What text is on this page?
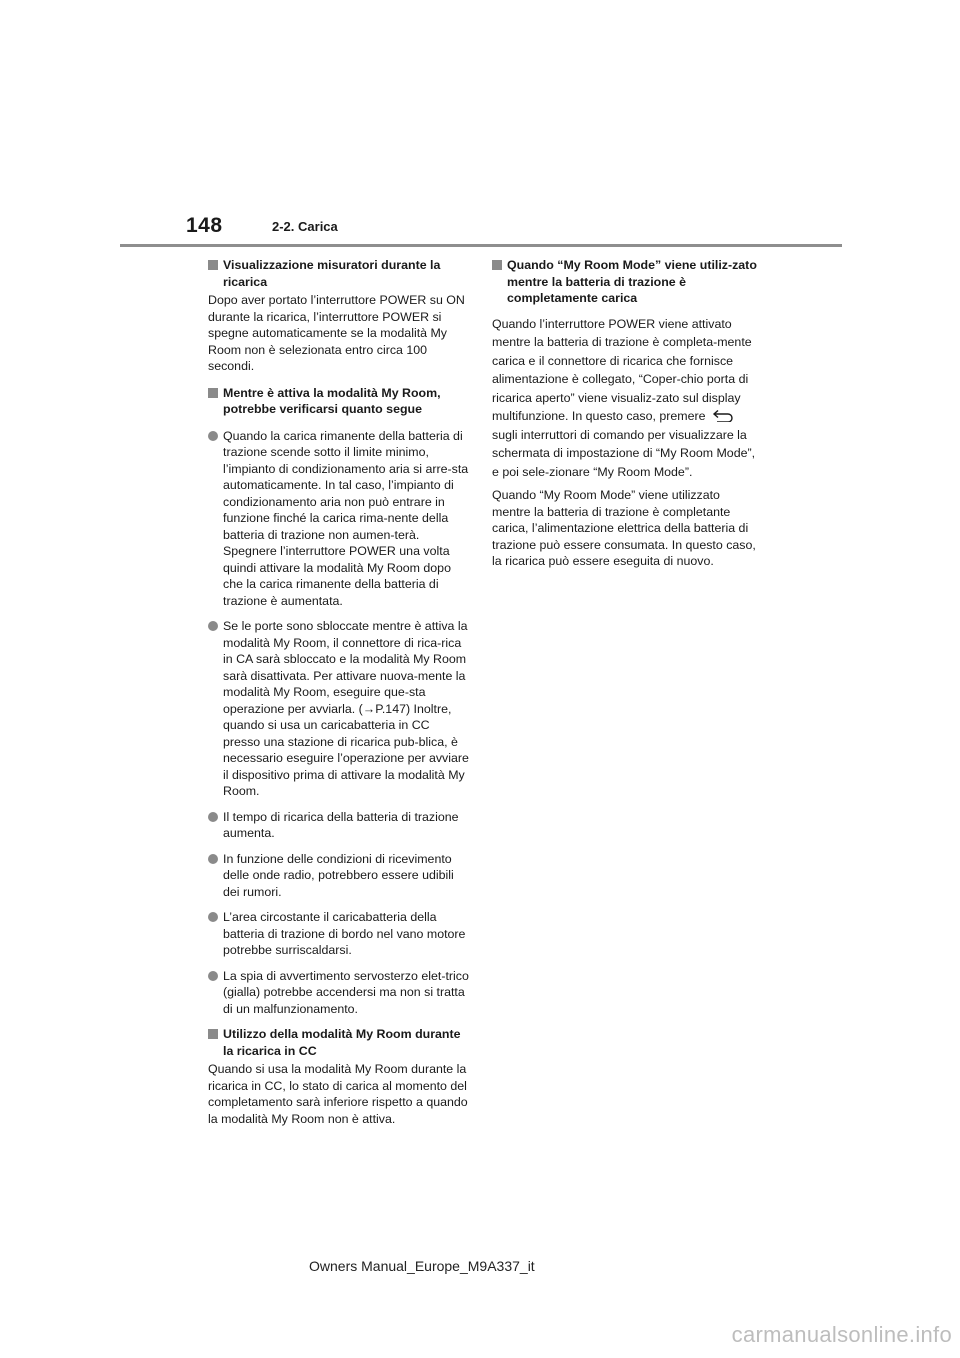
148	2-2. Carica
Visualizzazione misuratori durante la ricarica

Dopo aver portato l’interruttore POWER su ON durante la ricarica, l’interruttore POWER si spegne automaticamente se la modalità My Room non è selezionata entro circa 100 secondi.

Mentre è attiva la modalità My Room, potrebbe verificarsi quanto segue
Quando la carica rimanente della batteria di trazione scende sotto il limite minimo, l’impianto di condizionamento aria si arre-sta automaticamente. In tal caso, l’impianto di condizionamento aria non può entrare in funzione finché la carica rima-nente della batteria di trazione non aumen-terà. Spegnere l’interruttore POWER una volta quindi attivare la modalità My Room dopo che la carica rimanente della batteria di trazione è aumentata.
Se le porte sono sbloccate mentre è attiva la modalità My Room, il connettore di rica-rica in CA sarà sbloccato e la modalità My Room sarà disattivata. Per attivare nuova-mente la modalità My Room, eseguire que-sta operazione per avviarla. (→P.147) Inoltre, quando si usa un caricabatteria in CC presso una stazione di ricarica pub-blica, è necessario eseguire l’operazione per avviare il dispositivo prima di attivare la modalità My Room.
Il tempo di ricarica della batteria di trazione aumenta.
In funzione delle condizioni di ricevimento delle onde radio, potrebbero essere udibili dei rumori.
L’area circostante il caricabatteria della batteria di trazione di bordo nel vano motore potrebbe surriscaldarsi.
La spia di avvertimento servosterzo elet-trico (gialla) potrebbe accendersi ma non si tratta di un malfunzionamento.
Utilizzo della modalità My Room durante la ricarica in CC

Quando si usa la modalità My Room durante la ricarica in CC, lo stato di carica al momento del completamento sarà inferiore rispetto a quando la modalità My Room non è attiva.

Quando “My Room Mode” viene utiliz-zato mentre la batteria di trazione è completamente carica

Quando l’interruttore POWER viene attivato mentre la batteria di trazione è completa-mente carica e il connettore di ricarica che fornisce alimentazione è collegato, “Coper-chio porta di ricarica aperto” viene visualiz-zato sul display multifunzione. In questo caso, premere  sugli interruttori di comando per visualizzare la schermata di impostazione di “My Room Mode”, e poi sele-zionare “My Room Mode”.

Quando “My Room Mode” viene utilizzato mentre la batteria di trazione è completante carica, l’alimentazione elettrica della batteria di trazione può essere consumata. In questo caso, la ricarica può essere eseguita di nuovo.

Owners Manual_Europe_M9A337_it
carmanualsonline.info
